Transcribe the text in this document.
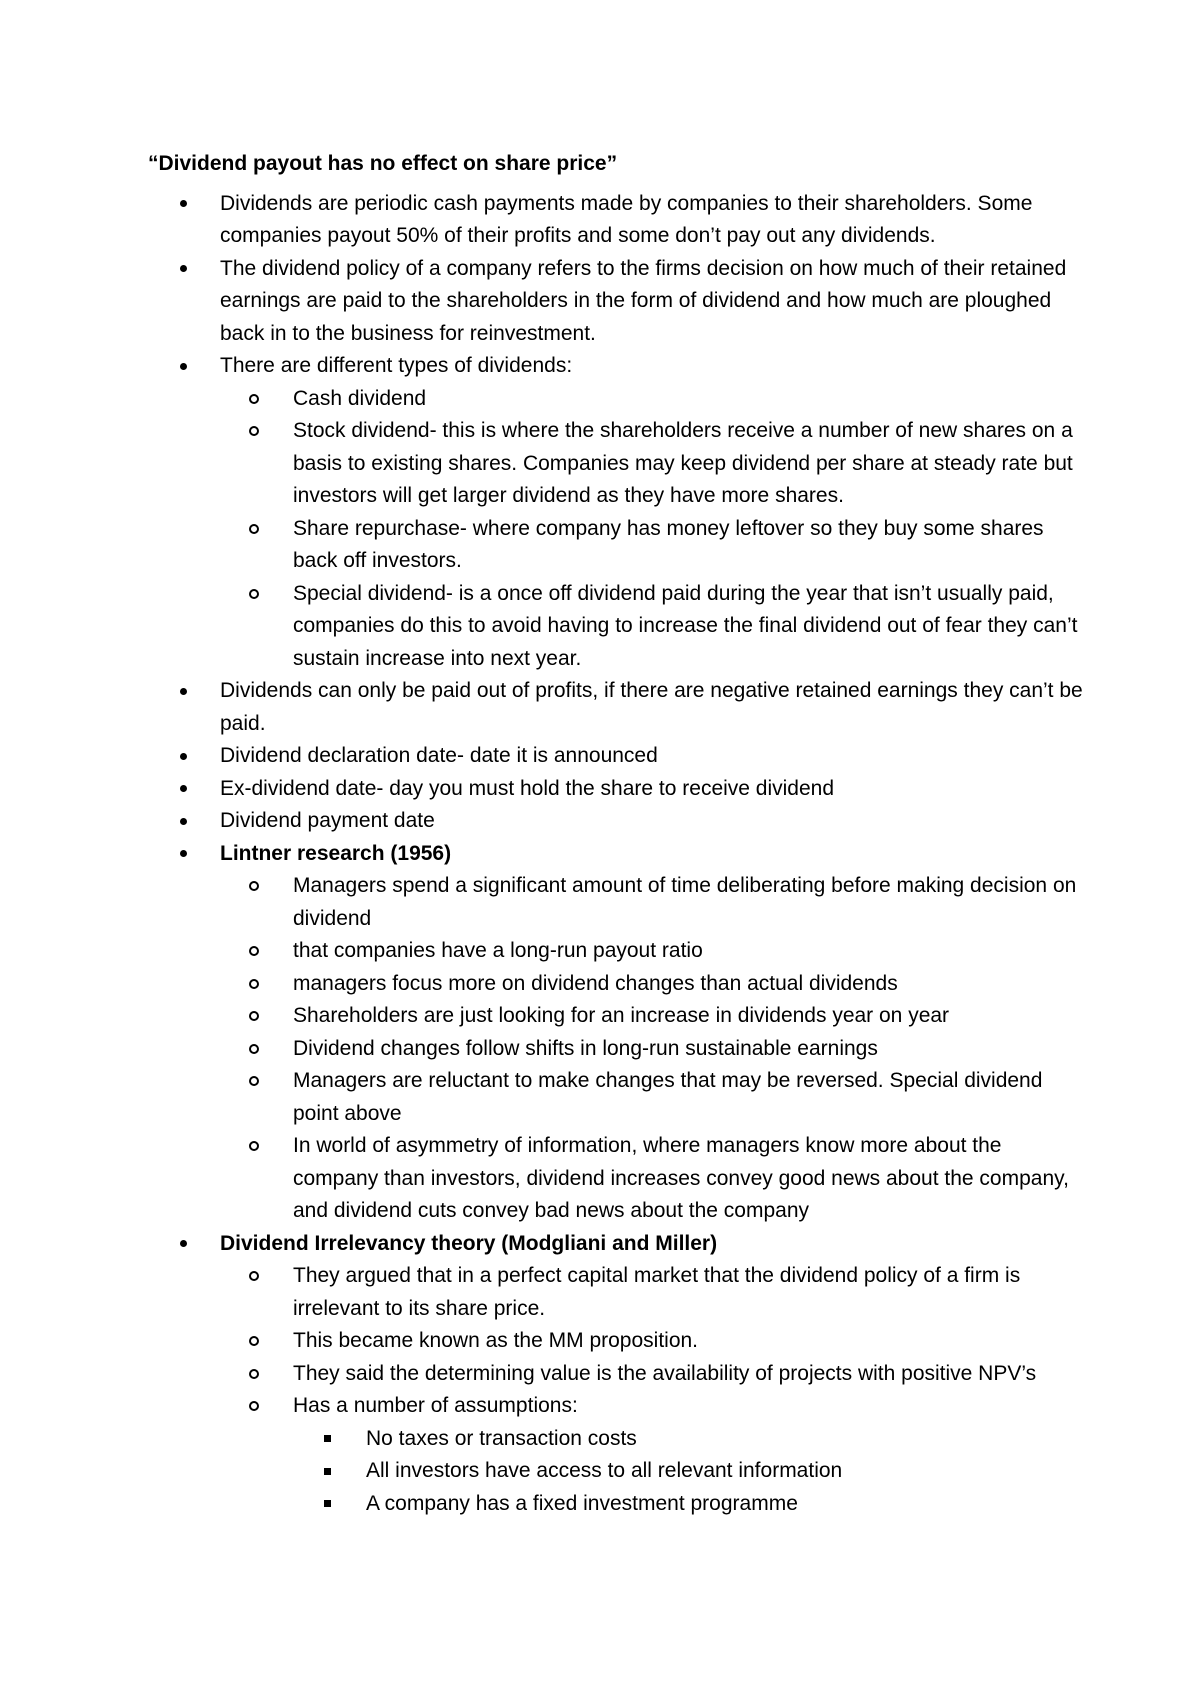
“Dividend payout has no effect on share price”

Dividends are periodic cash payments made by companies to their shareholders. Some companies payout 50% of their profits and some don’t pay out any dividends.
The dividend policy of a company refers to the firms decision on how much of their retained earnings are paid to the shareholders in the form of dividend and how much are ploughed back in to the business for reinvestment.
There are different types of dividends:
Cash dividend
Stock dividend- this is where the shareholders receive a number of new shares on a basis to existing shares. Companies may keep dividend per share at steady rate but investors will get larger dividend as they have more shares.
Share repurchase- where company has money leftover so they buy some shares back off investors.
Special dividend- is a once off dividend paid during the year that isn’t usually paid, companies do this to avoid having to increase the final dividend out of fear they can’t sustain increase into next year.
Dividends can only be paid out of profits, if there are negative retained earnings they can’t be paid.
Dividend declaration date- date it is announced
Ex-dividend date- day you must hold the share to receive dividend
Dividend payment date
Lintner research (1956)
Managers spend a significant amount of time deliberating before making decision on dividend
that companies have a long-run payout ratio
managers focus more on dividend changes than actual dividends
Shareholders are just looking for an increase in dividends year on year
Dividend changes follow shifts in long-run sustainable earnings
Managers are reluctant to make changes that may be reversed. Special dividend point above
In world of asymmetry of information, where managers know more about the company than investors, dividend increases convey good news about the company, and dividend cuts convey bad news about the company
Dividend Irrelevancy theory (Modgliani and Miller)
They argued that in a perfect capital market that the dividend policy of a firm is irrelevant to its share price.
This became known as the MM proposition.
They said the determining value is the availability of projects with positive NPV’s
Has a number of assumptions:
No taxes or transaction costs
All investors have access to all relevant information
A company has a fixed investment programme
